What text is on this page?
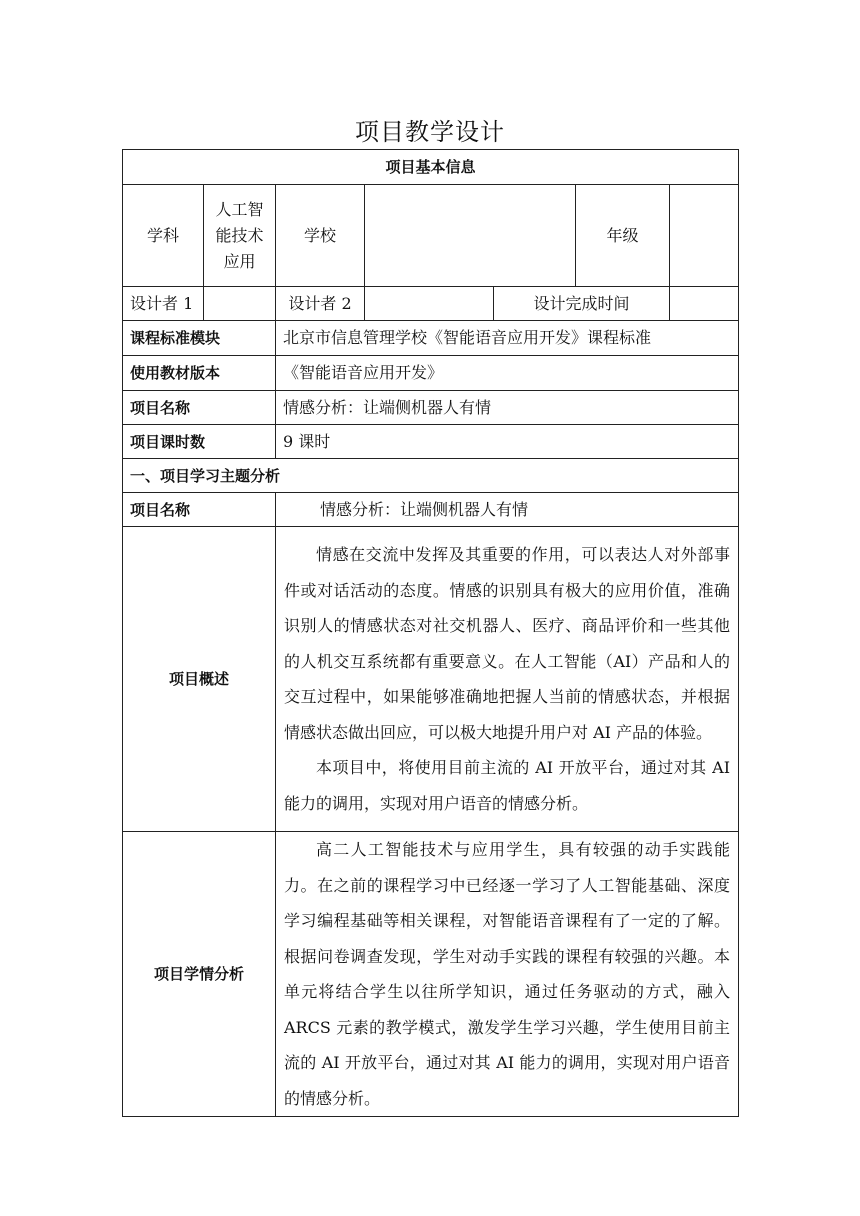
项目教学设计
项目基本信息						
学科	人工智能技术应用	学校			年级	
设计者 1		设计者 2		设计完成时间		
课程标准模块		北京市信息管理学校《智能语音应用开发》课程标准				
使用教材版本		《智能语音应用开发》				
项目名称		情感分析：让端侧机器人有情				
项目课时数		9 课时				
一、项目学习主题分析						
项目名称		情感分析：让端侧机器人有情				
项目概述		情感在交流中发挥及其重要的作用，可以表达人对外部事件或对话活动的态度。情感的识别具有极大的应用价值，准确识别人的情感状态对社交机器人、医疗、商品评价和一些其他的人机交互系统都有重要意义。在人工智能（AI）产品和人的交互过程中，如果能够准确地把握人当前的情感状态，并根据情感状态做出回应，可以极大地提升用户对 AI 产品的体验。

本项目中，将使用目前主流的 AI 开放平台，通过对其 AI 能力的调用，实现对用户语音的情感分析。				

项目学情分析		高二人工智能技术与应用学生，具有较强的动手实践能力。在之前的课程学习中已经逐一学习了人工智能基础、深度学习编程基础等相关课程，对智能语音课程有了一定的了解。根据问卷调查发现，学生对动手实践的课程有较强的兴趣。本单元将结合学生以往所学知识，通过任务驱动的方式，融入 ARCS 元素的教学模式，激发学生学习兴趣，学生使用目前主流的 AI 开放平台，通过对其 AI 能力的调用，实现对用户语音的情感分析。				
